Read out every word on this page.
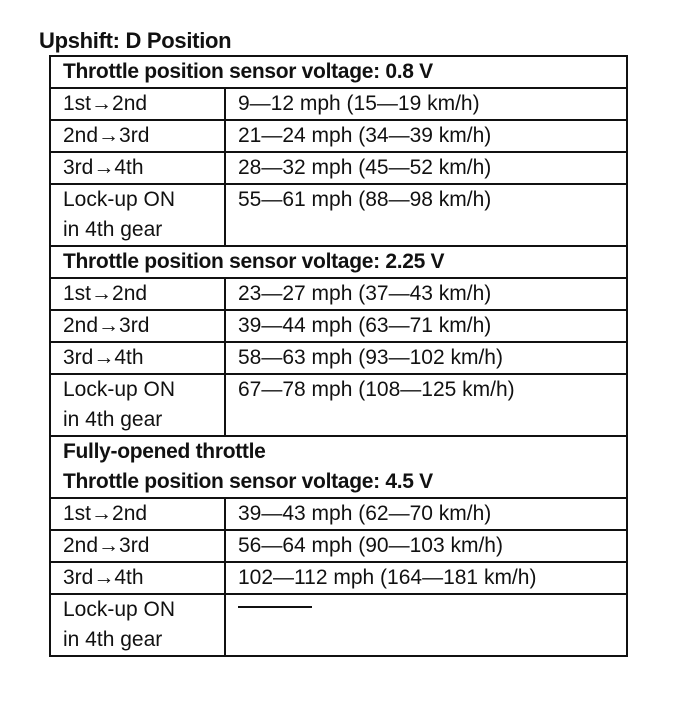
Upshift: D Position
Throttle position sensor voltage: 0.8 V	

1st→2nd	9—12 mph (15—19 km/h)
2nd→3rd	21—24 mph (34—39 km/h)
3rd→4th	28—32 mph (45—52 km/h)

Lock-up ON
in 4th gear	55—61 mph (88—98 km/h)

Throttle position sensor voltage: 2.25 V	

1st→2nd	23—27 mph (37—43 km/h)
2nd→3rd	39—44 mph (63—71 km/h)
3rd→4th	58—63 mph (93—102 km/h)

Lock-up ON
in 4th gear	67—78 mph (108—125 km/h)

Fully-opened throttle
Throttle position sensor voltage: 4.5 V	

1st→2nd	39—43 mph (62—70 km/h)
2nd→3rd	56—64 mph (90—103 km/h)
3rd→4th	102—112 mph (164—181 km/h)

Lock-up ON
in 4th gear	
